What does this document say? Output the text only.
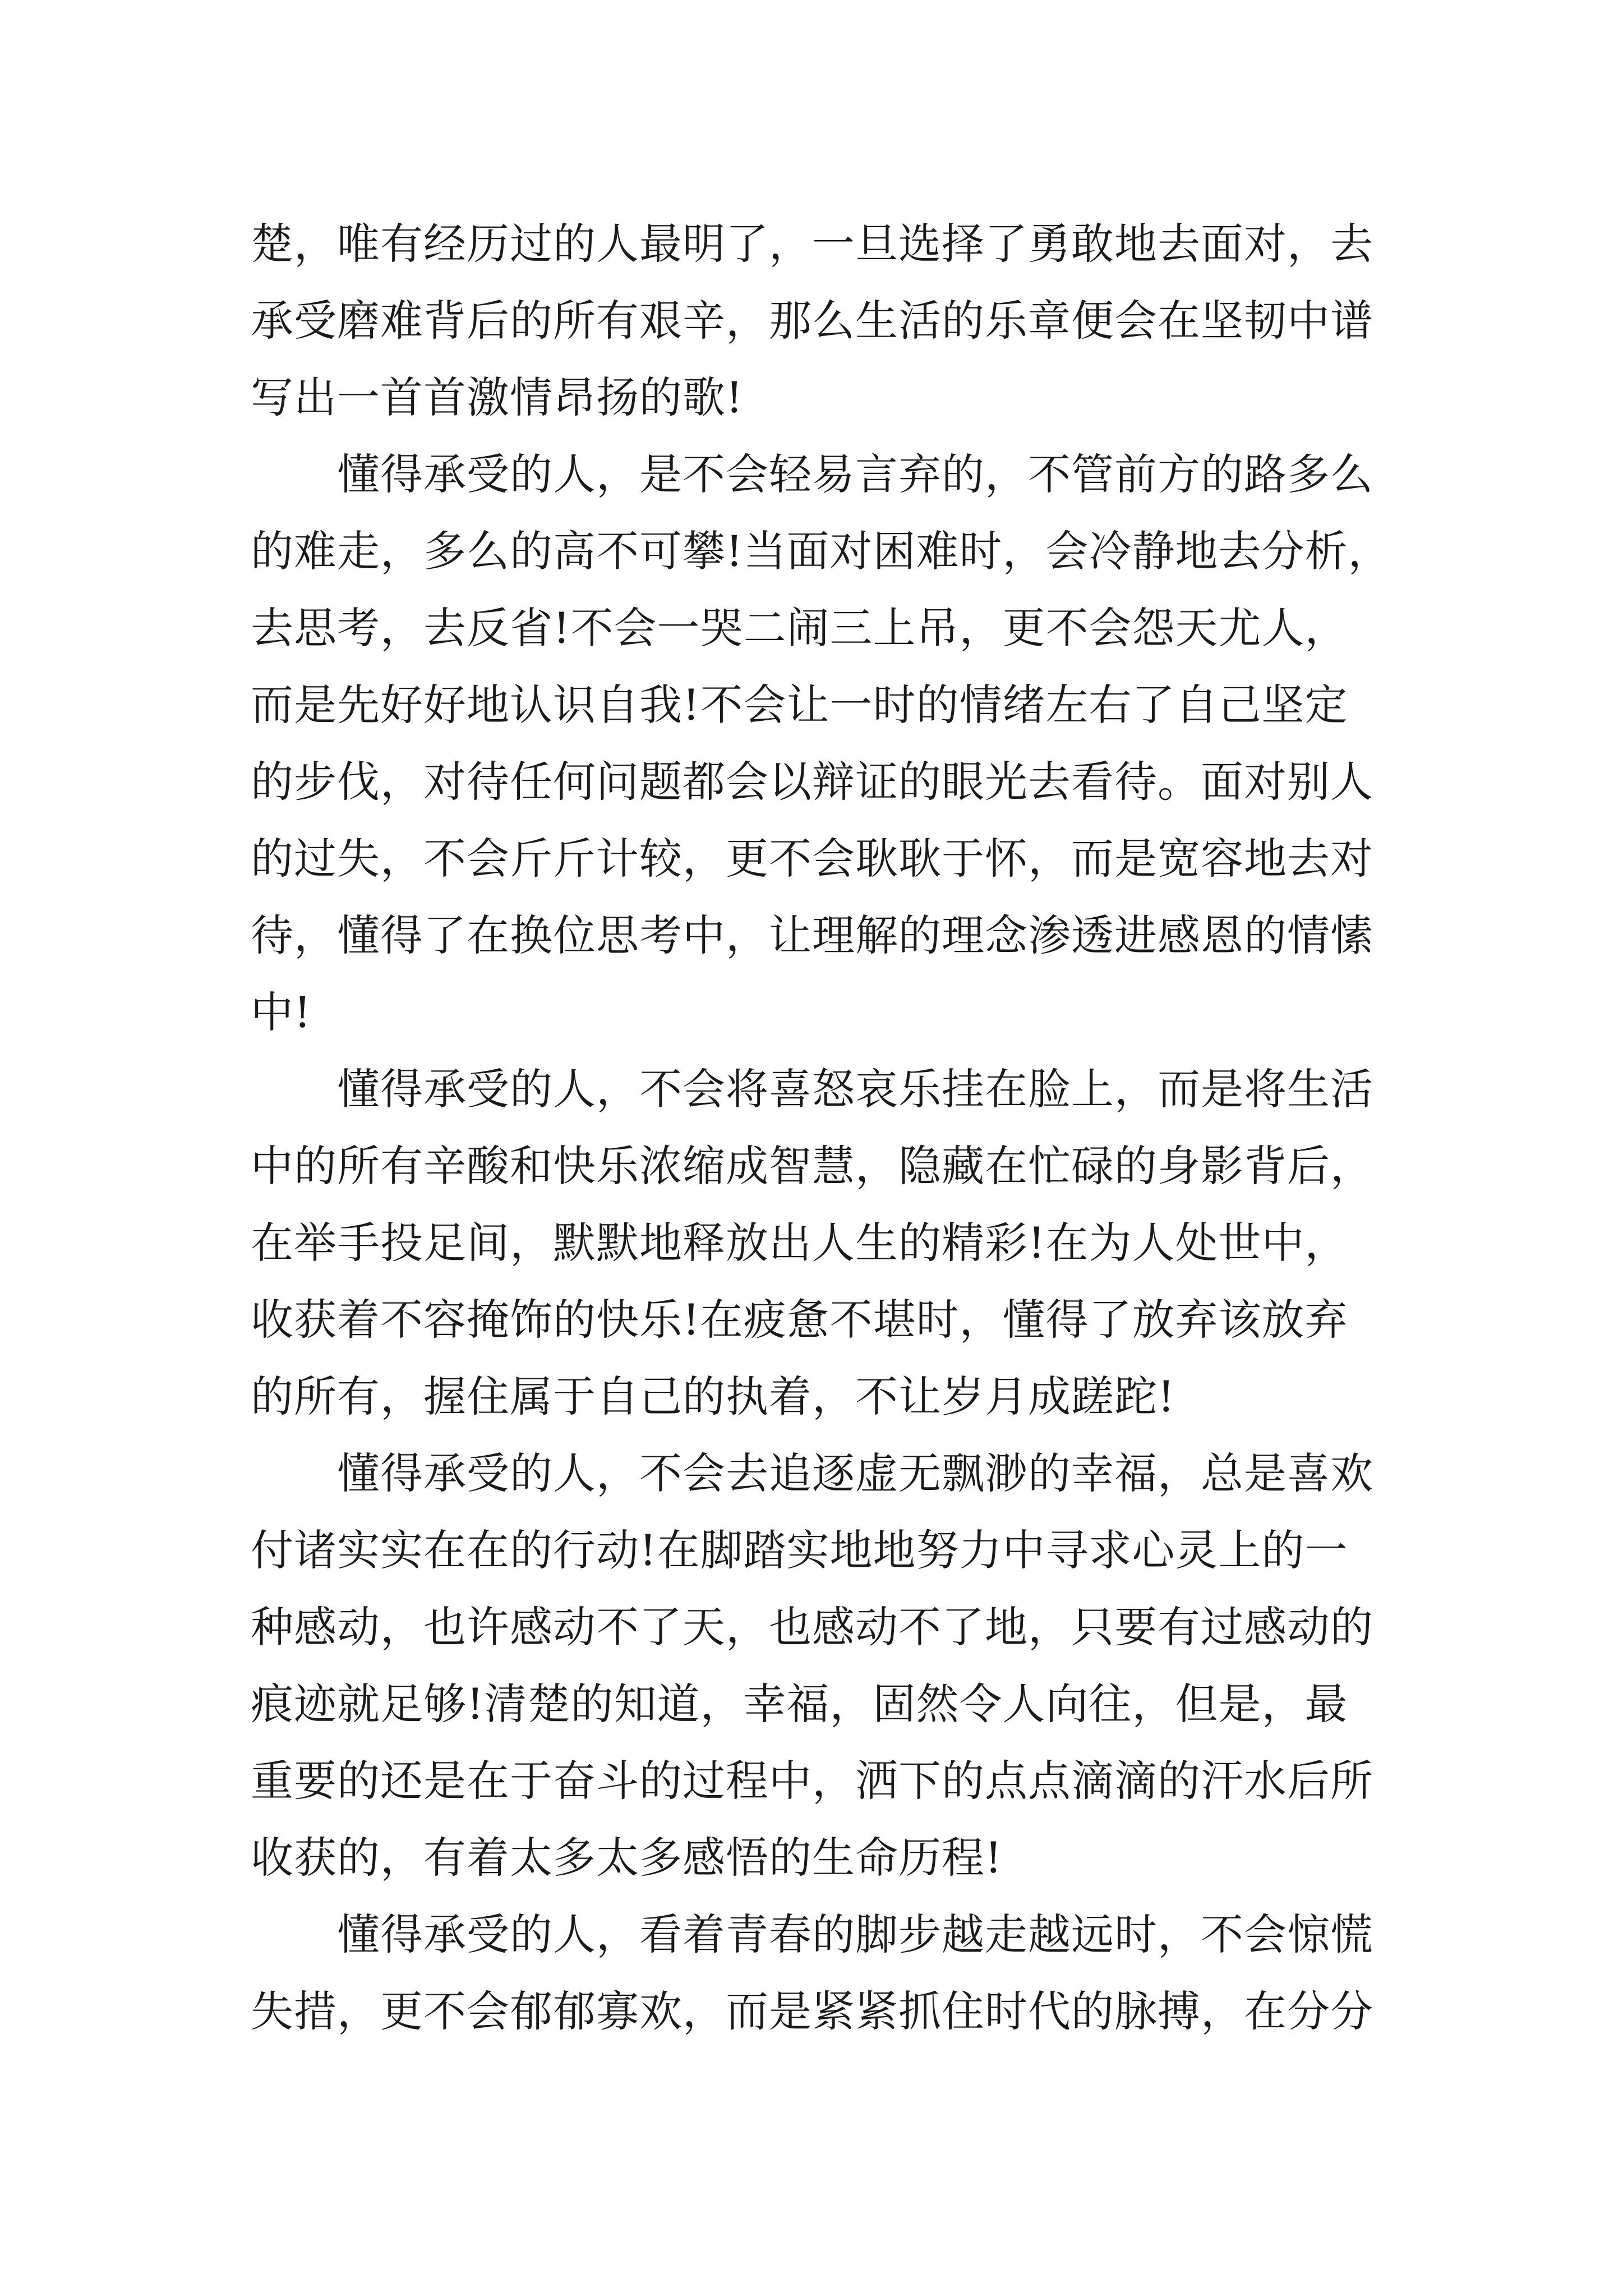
楚，唯有经历过的人最明了，一旦选择了勇敢地去面对，去
承受磨难背后的所有艰辛，那么生活的乐章便会在坚韧中谱
写出一首首激情昂扬的歌!
　　懂得承受的人，是不会轻易言弃的，不管前方的路多么
的难走，多么的高不可攀!当面对困难时，会冷静地去分析，
去思考，去反省!不会一哭二闹三上吊，更不会怨天尤人，
而是先好好地认识自我!不会让一时的情绪左右了自己坚定
的步伐，对待任何问题都会以辩证的眼光去看待。面对别人
的过失，不会斤斤计较，更不会耿耿于怀，而是宽容地去对
待，懂得了在换位思考中，让理解的理念渗透进感恩的情愫
中!
　　懂得承受的人，不会将喜怒哀乐挂在脸上，而是将生活
中的所有辛酸和快乐浓缩成智慧，隐藏在忙碌的身影背后，
在举手投足间，默默地释放出人生的精彩!在为人处世中，
收获着不容掩饰的快乐!在疲惫不堪时，懂得了放弃该放弃
的所有，握住属于自己的执着，不让岁月成蹉跎!
　　懂得承受的人，不会去追逐虚无飘渺的幸福，总是喜欢
付诸实实在在的行动!在脚踏实地地努力中寻求心灵上的一
种感动，也许感动不了天，也感动不了地，只要有过感动的
痕迹就足够!清楚的知道，幸福，固然令人向往，但是，最
重要的还是在于奋斗的过程中，洒下的点点滴滴的汗水后所
收获的，有着太多太多感悟的生命历程!
　　懂得承受的人，看着青春的脚步越走越远时，不会惊慌
失措，更不会郁郁寡欢，而是紧紧抓住时代的脉搏，在分分
